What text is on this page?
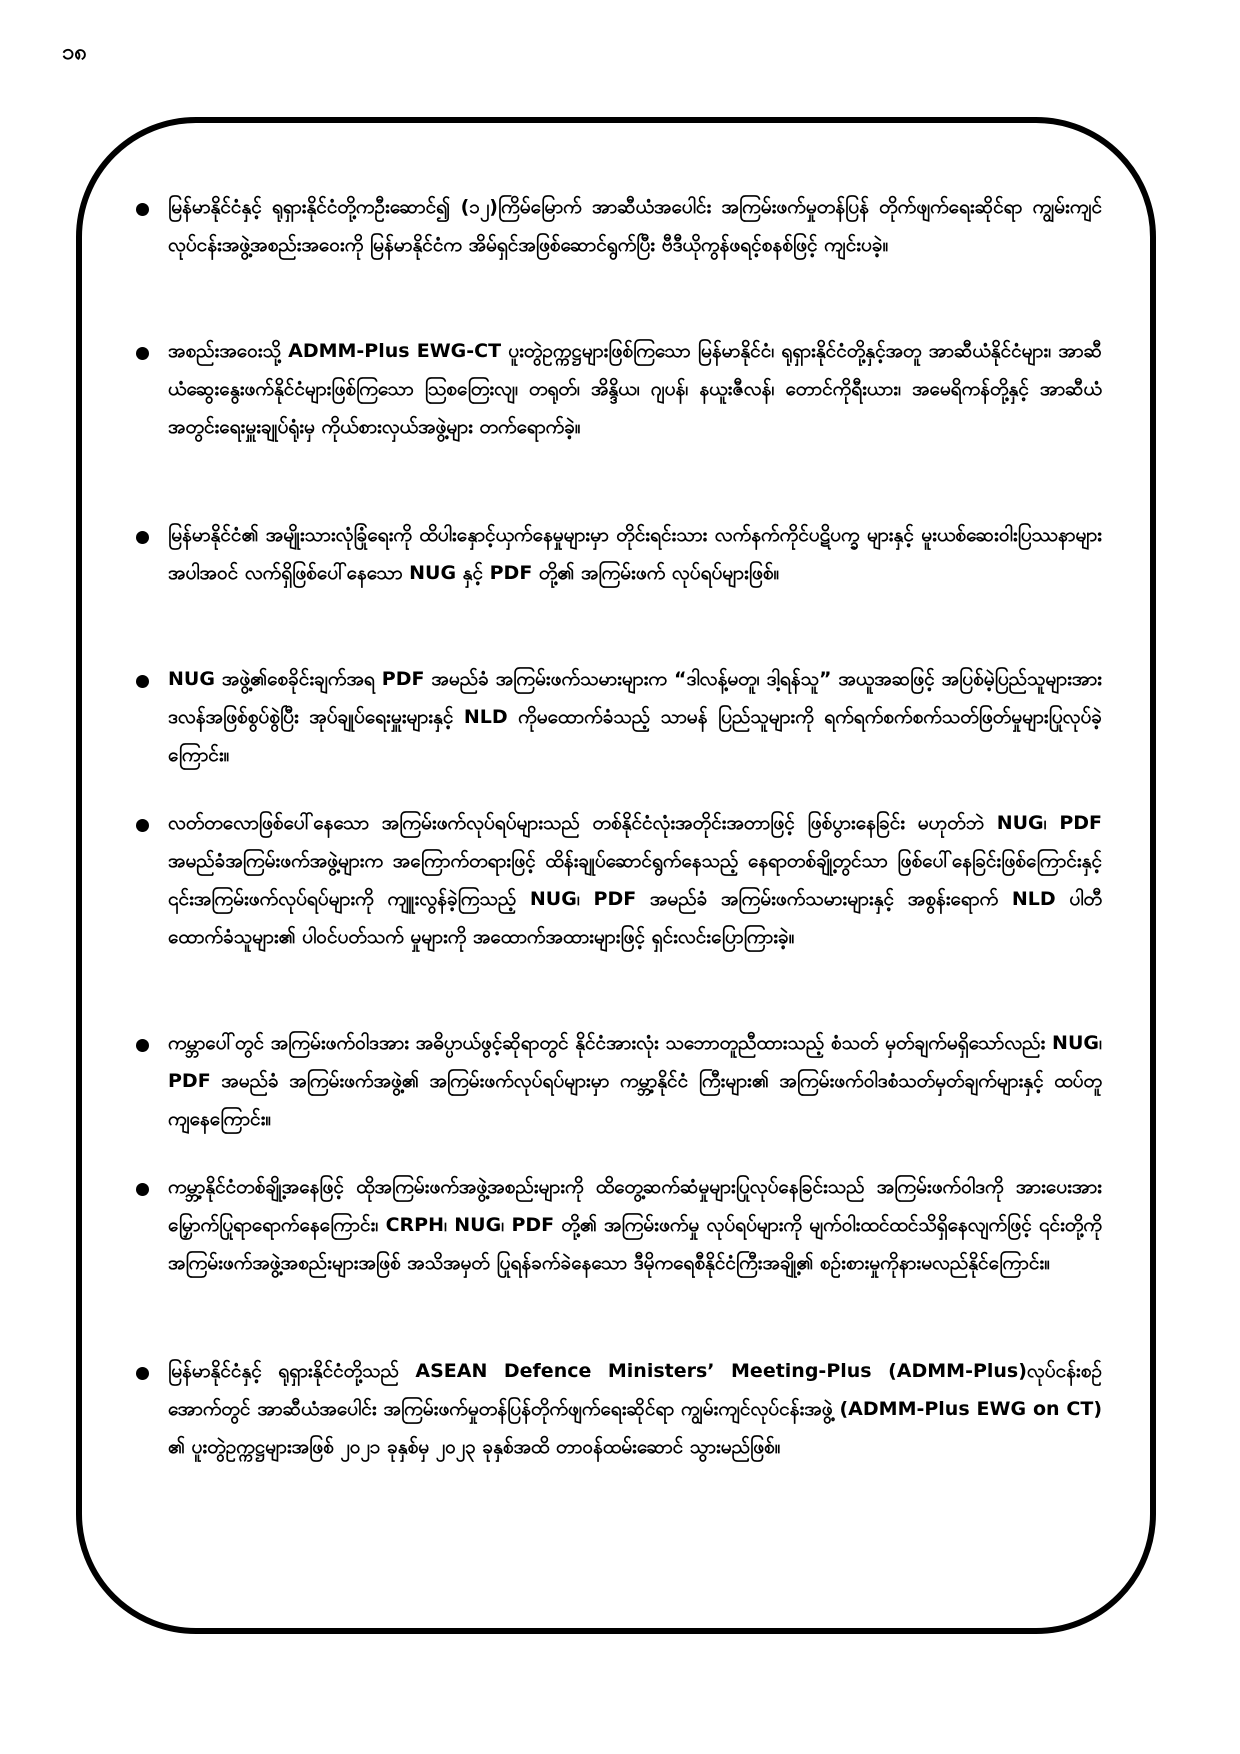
၁၈
မြန်မာနိုင်ငံနှင့် ရုရှားနိုင်ငံတို့ကဦးဆောင်၍ (၁၂)ကြိမ်မြောက် အာဆီယံအပေါင်း အကြမ်းဖက်မှုတန်ပြန် တိုက်ဖျက်ရေးဆိုင်ရာ ကျွမ်းကျင်လုပ်ငန်းအဖွဲ့အစည်းအဝေးကို မြန်မာနိုင်ငံက အိမ်ရှင်အဖြစ်ဆောင်ရွက်ပြီး ဗီဒီယိုကွန်ဖရင့်စနစ်ဖြင့် ကျင်းပခဲ့။
အစည်းအဝေးသို့ ADMM-Plus EWG-CT ပူးတွဲဥက္ကဋ္ဌများဖြစ်ကြသော မြန်မာနိုင်ငံ၊ ရုရှားနိုင်ငံတို့နှင့်အတူ အာဆီယံနိုင်ငံများ၊ အာဆီယံဆွေးနွေးဖက်နိုင်ငံများဖြစ်ကြသော ဩစတြေးလျ၊ တရုတ်၊ အိန္ဒိယ၊ ဂျပန်၊ နယူးဇီလန်၊ တောင်ကိုရီးယား၊ အမေရိကန်တို့နှင့် အာဆီယံအတွင်းရေးမှူးချုပ်ရုံးမှ ကိုယ်စားလှယ်အဖွဲ့များ တက်ရောက်ခဲ့။
မြန်မာနိုင်ငံ၏ အမျိုးသားလုံခြုံရေးကို ထိပါးနှောင့်ယှက်နေမှုများမှာ တိုင်းရင်းသား လက်နက်ကိုင်ပဋိပက္ခ များနှင့် မူးယစ်ဆေးဝါးပြဿနာများအပါအဝင် လက်ရှိဖြစ်ပေါ်နေသော NUG နှင့် PDF တို့၏ အကြမ်းဖက် လုပ်ရပ်များဖြစ်။
NUG အဖွဲ့၏စေခိုင်းချက်အရ PDF အမည်ခံ အကြမ်းဖက်သမားများက “ဒါလန့်မတူ၊ ဒါ့ရန်သူ” အယူအဆဖြင့် အပြစ်မဲ့ပြည်သူများအား ဒလန်အဖြစ်စွပ်စွဲပြီး အုပ်ချုပ်ရေးမှူးများနှင့် NLD ကိုမထောက်ခံသည့် သာမန် ပြည်သူများကို ရက်ရက်စက်စက်သတ်ဖြတ်မှုများပြုလုပ်ခဲ့ကြောင်း။
လတ်တလောဖြစ်ပေါ်နေသော အကြမ်းဖက်လုပ်ရပ်များသည် တစ်နိုင်ငံလုံးအတိုင်းအတာဖြင့် ဖြစ်ပွားနေခြင်း မဟုတ်ဘဲ NUG၊ PDF အမည်ခံအကြမ်းဖက်အဖွဲ့များက အကြောက်တရားဖြင့် ထိန်းချုပ်ဆောင်ရွက်နေသည့် နေရာတစ်ချို့တွင်သာ ဖြစ်ပေါ်နေခြင်းဖြစ်ကြောင်းနှင့် ၎င်းအကြမ်းဖက်လုပ်ရပ်များကို ကျူးလွန်ခဲ့ကြသည့် NUG၊ PDF အမည်ခံ အကြမ်းဖက်သမားများနှင့် အစွန်းရောက် NLD ပါတီထောက်ခံသူများ၏ ပါဝင်ပတ်သက် မှုများကို အထောက်အထားများဖြင့် ရှင်းလင်းပြောကြားခဲ့။
ကမ္ဘာပေါ်တွင် အကြမ်းဖက်ဝါဒအား အဓိပ္ပာယ်ဖွင့်ဆိုရာတွင် နိုင်ငံအားလုံး သဘောတူညီထားသည့် စံသတ် မှတ်ချက်မရှိသော်လည်း NUG၊ PDF အမည်ခံ အကြမ်းဖက်အဖွဲ့၏ အကြမ်းဖက်လုပ်ရပ်များမှာ ကမ္ဘာ့နိုင်ငံ ကြီးများ၏ အကြမ်းဖက်ဝါဒစံသတ်မှတ်ချက်များနှင့် ထပ်တူကျနေကြောင်း။
ကမ္ဘာ့နိုင်ငံတစ်ချို့အနေဖြင့် ထိုအကြမ်းဖက်အဖွဲ့အစည်းများကို ထိတွေ့ဆက်ဆံမှုများပြုလုပ်နေခြင်းသည် အကြမ်းဖက်ဝါဒကို အားပေးအားမြှောက်ပြုရာရောက်နေကြောင်း၊ CRPH၊ NUG၊ PDF တို့၏ အကြမ်းဖက်မှု လုပ်ရပ်များကို မျက်ဝါးထင်ထင်သိရှိနေလျက်ဖြင့် ၎င်းတို့ကို အကြမ်းဖက်အဖွဲ့အစည်းများအဖြစ် အသိအမှတ် ပြုရန်ခက်ခဲနေသော ဒီမိုကရေစီနိုင်ငံကြီးအချို့၏ စဉ်းစားမှုကိုနားမလည်နိုင်ကြောင်း။
မြန်မာနိုင်ငံနှင့် ရုရှားနိုင်ငံတို့သည် ASEAN Defence Ministers’ Meeting-Plus (ADMM-Plus)လုပ်ငန်းစဉ် အောက်တွင် အာဆီယံအပေါင်း အကြမ်းဖက်မှုတန်ပြန်တိုက်ဖျက်ရေးဆိုင်ရာ ကျွမ်းကျင်လုပ်ငန်းအဖွဲ့ (ADMM-Plus EWG on CT) ၏ ပူးတွဲဥက္ကဋ္ဌများအဖြစ် ၂၀၂၁ ခုနှစ်မှ ၂၀၂၃ ခုနှစ်အထိ တာဝန်ထမ်းဆောင် သွားမည်ဖြစ်။
